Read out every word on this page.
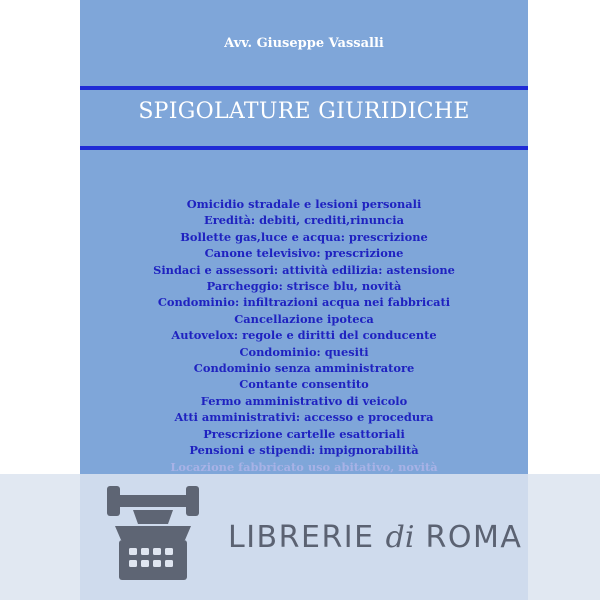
Avv. Giuseppe Vassalli
SPIGOLATURE GIURIDICHE
Omicidio stradale e lesioni personali
Eredità: debiti, crediti,rinuncia
Bollette gas,luce e acqua: prescrizione
Canone televisivo: prescrizione
Sindaci e assessori: attività edilizia: astensione
Parcheggio: strisce blu, novità
Condominio: infiltrazioni acqua nei fabbricati
Cancellazione ipoteca
Autovelox: regole e diritti del conducente
Condominio: quesiti
Condominio senza amministratore
Contante consentito
Fermo amministrativo di veicolo
Atti amministrativi: accesso e procedura
Prescrizione cartelle esattoriali
Pensioni e stipendi: impignorabilità
Locazione fabbricato uso abitativo, novità
LIBRERIE di ROMA
